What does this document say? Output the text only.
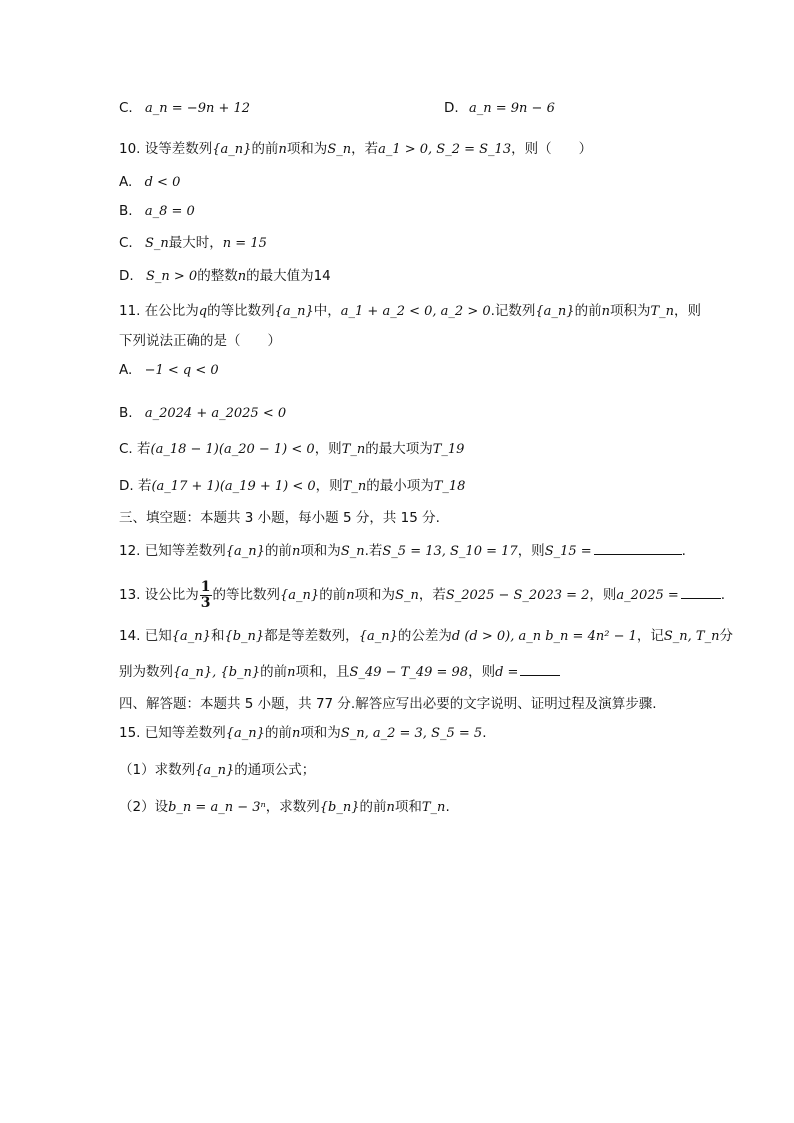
C. a_n = −9n + 12	D. a_n = 9n − 6
10. 设等差数列{a_n}的前n项和为S_n，若a_1 > 0, S_2 = S_13，则（　　）
A. d < 0
B. a_8 = 0
C. S_n最大时，n = 15
D. S_n > 0的整数n的最大值为14
11. 在公比为q的等比数列{a_n}中，a_1 + a_2 < 0, a_2 > 0.记数列{a_n}的前n项积为T_n，则
下列说法正确的是（　　）
A. −1 < q < 0
B. a_2024 + a_2025 < 0
C. 若(a_18 − 1)(a_20 − 1) < 0，则T_n的最大项为T_19
D. 若(a_17 + 1)(a_19 + 1) < 0，则T_n的最小项为T_18
三、填空题：本题共 3 小题，每小题 5 分，共 15 分.
12. 已知等差数列{a_n}的前n项和为S_n.若S_5 = 13, S_10 = 17，则S_15 =	.
13. 设公比为 $\frac{1}{3}$ 的等比数列{a_n}的前n项和为S_n，若S_2025 − S_2023 = 2，则a_2025 =	.
14. 已知{a_n}和{b_n}都是等差数列，{a_n}的公差为d (d > 0), a_n b_n = 4n² − 1，记S_n, T_n分
别为数列{a_n}, {b_n}的前n项和，且S_49 − T_49 = 98，则d =
四、解答题：本题共 5 小题，共 77 分.解答应写出必要的文字说明、证明过程及演算步骤.
15. 已知等差数列{a_n}的前n项和为S_n, a_2 = 3, S_5 = 5.
（1）求数列{a_n}的通项公式；
（2）设b_n = a_n − 3ⁿ，求数列{b_n}的前n项和T_n.
